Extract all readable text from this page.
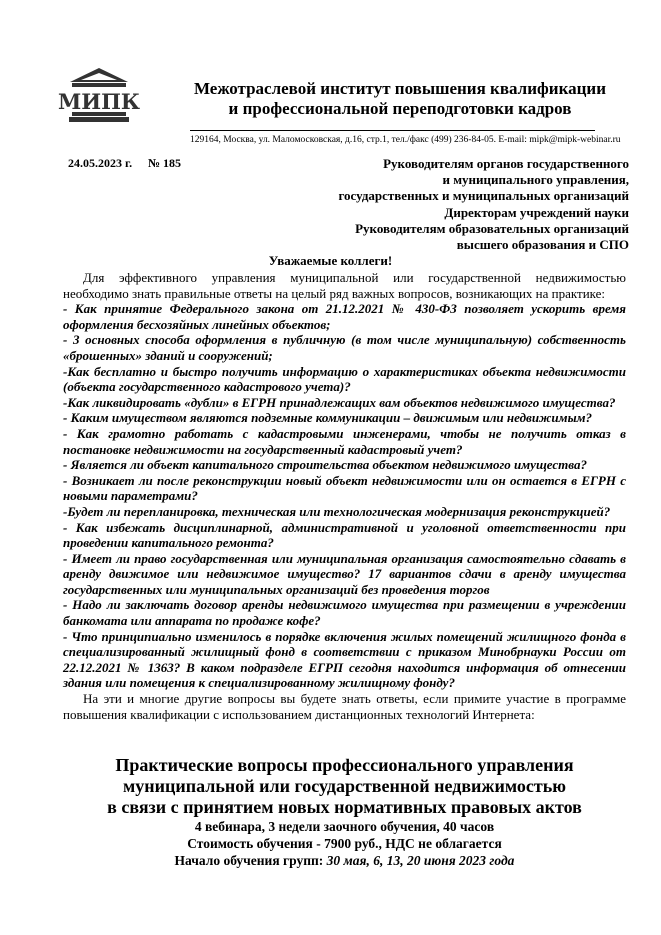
МИПК
Межотраслевой институт повышения квалификации
и профессиональной переподготовки кадров
129164, Москва, ул. Маломосковская, д.16, стр.1, тел./факс (499) 236-84-05. E-mail: mipk@mipk-webinar.ru
24.05.2023 г. № 185	Руководителям органов государственного
и муниципального управления,
государственных и муниципальных организаций
Директорам учреждений науки
Руководителям образовательных организаций
высшего образования и СПО
Уважаемые коллеги!

Для эффективного управления муниципальной или государственной недвижимостью необходимо знать правильные ответы на целый ряд важных вопросов, возникающих на практике:

- Как принятие Федерального закона от 21.12.2021 № 430-ФЗ позволяет ускорить время оформления бесхозяйных линейных объектов;

- 3 основных способа оформления в публичную (в том числе муниципальную) собственность «брошенных» зданий и сооружений;

-Как бесплатно и быстро получить информацию о характеристиках объекта недвижимости (объекта государственного кадастрового учета)?

-Как ликвидировать «дубли» в ЕГРН принадлежащих вам объектов недвижимого имущества?

- Каким имуществом являются подземные коммуникации – движимым или недвижимым?

- Как грамотно работать с кадастровыми инженерами, чтобы не получить отказ в постановке недвижимости на государственный кадастровый учет?

- Является ли объект капитального строительства объектом недвижимого имущества?

- Возникает ли после реконструкции новый объект недвижимости или он остается в ЕГРН с новыми параметрами?

-Будет ли перепланировка, техническая или технологическая модернизация реконструкцией?

- Как избежать дисциплинарной, административной и уголовной ответственности при проведении капитального ремонта?

- Имеет ли право государственная или муниципальная организация самостоятельно сдавать в аренду движимое или недвижимое имущество? 17 вариантов сдачи в аренду имущества государственных или муниципальных организаций без проведения торгов

- Надо ли заключать договор аренды недвижимого имущества при размещении в учреждении банкомата или аппарата по продаже кофе?

- Что принципиально изменилось в порядке включения жилых помещений жилищного фонда в специализированный жилищный фонд в соответствии с приказом Минобрнауки России от 22.12.2021 № 1363? В каком подразделе ЕГРП сегодня находится информация об отнесении здания или помещения к специализированному жилищному фонду?

На эти и многие другие вопросы вы будете знать ответы, если примите участие в программе повышения квалификации с использованием дистанционных технологий Интернета:

Практические вопросы профессионального управления
муниципальной или государственной недвижимостью
в связи с принятием новых нормативных правовых актов
4 вебинара, 3 недели заочного обучения, 40 часов
Стоимость обучения - 7900 руб., НДС не облагается
Начало обучения групп: 30 мая, 6, 13, 20 июня 2023 года
